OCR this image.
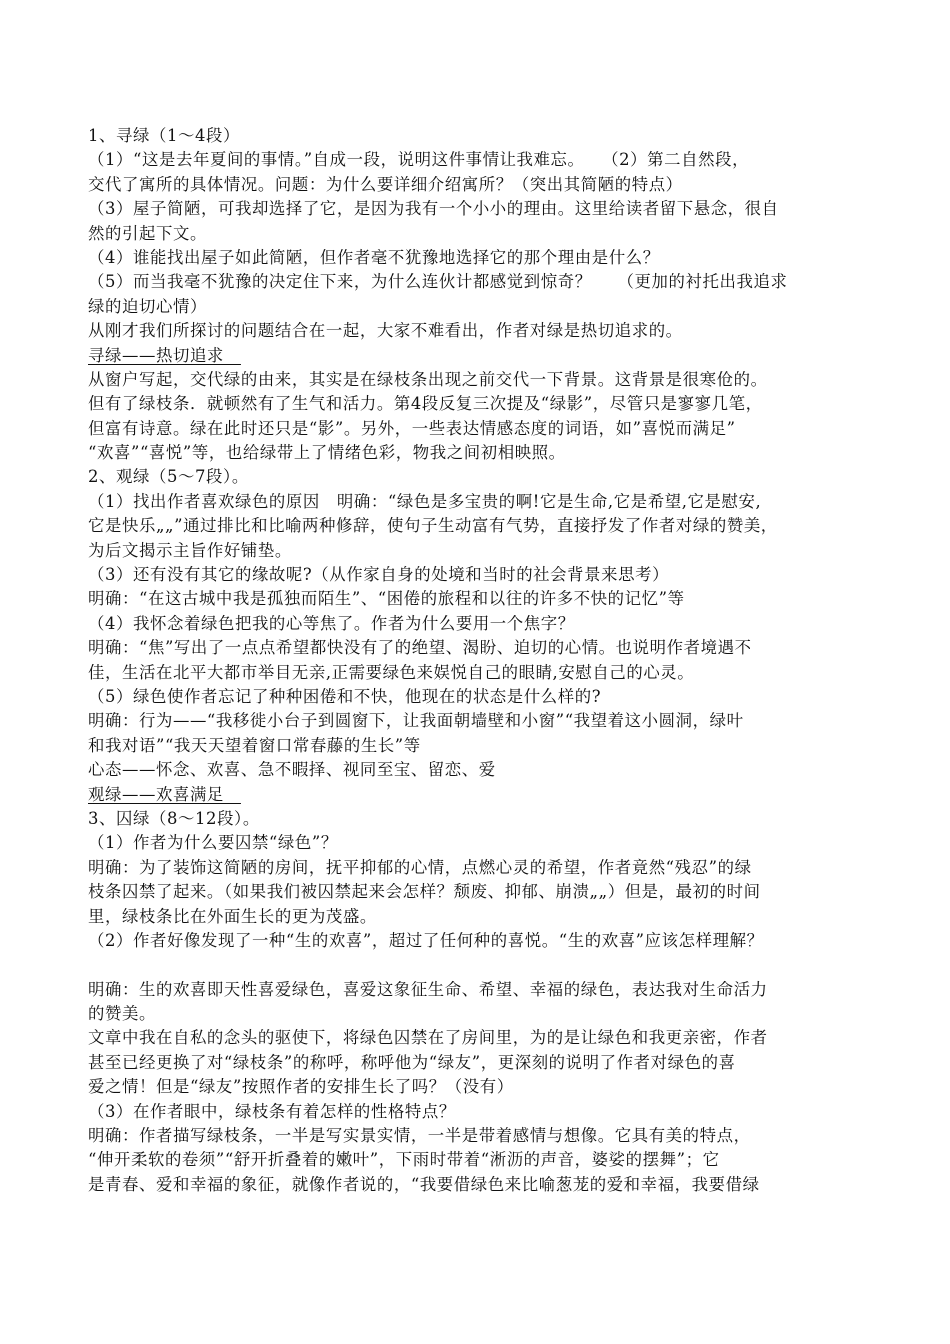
1、寻绿（1～4段）
（1）“这是去年夏间的事情。”自成一段，说明这件事情让我难忘。　　（2）第二自然段，
交代了寓所的具体情况。问题：为什么要详细介绍寓所？（突出其简陋的特点）
（3）屋子简陋，可我却选择了它，是因为我有一个小小的理由。这里给读者留下悬念，很自
然的引起下文。
（4）谁能找出屋子如此简陋，但作者毫不犹豫地选择它的那个理由是什么？
（5）而当我毫不犹豫的决定住下来，为什么连伙计都感觉到惊奇？　　（更加的衬托出我追求
绿的迫切心情）
从刚才我们所探讨的问题结合在一起，大家不难看出，作者对绿是热切追求的。
寻绿——热切追求　
从窗户写起，交代绿的由来，其实是在绿枝条出现之前交代一下背景。这背景是很寒伧的。
但有了绿枝条．就顿然有了生气和活力。第4段反复三次提及“绿影”，尽管只是寥寥几笔，
但富有诗意。绿在此时还只是“影”。另外，一些表达情感态度的词语，如”喜悦而满足”
“欢喜”“喜悦”等，也给绿带上了情绪色彩，物我之间初相映照。
2、观绿（5～7段）。
（1）找出作者喜欢绿色的原因　明确：“绿色是多宝贵的啊!它是生命,它是希望,它是慰安,
它是快乐„„”通过排比和比喻两种修辞，使句子生动富有气势，直接抒发了作者对绿的赞美，
为后文揭示主旨作好铺垫。
（3）还有没有其它的缘故呢?（从作家自身的处境和当时的社会背景来思考）
明确：“在这古城中我是孤独而陌生”、“困倦的旅程和以往的许多不快的记忆”等
（4）我怀念着绿色把我的心等焦了。作者为什么要用一个焦字？
明确：“焦”写出了一点点希望都快没有了的绝望、渴盼、迫切的心情。也说明作者境遇不
佳，生活在北平大都市举目无亲,正需要绿色来娱悦自己的眼睛,安慰自己的心灵。
（5）绿色使作者忘记了种种困倦和不快，他现在的状态是什么样的?
明确：行为——“我移徙小台子到圆窗下，让我面朝墙壁和小窗”“我望着这小圆洞，绿叶
和我对语”“我天天望着窗口常春藤的生长”等
心态——怀念、欢喜、急不暇择、视同至宝、留恋、爱
观绿——欢喜满足　
3、囚绿（8～12段）。
（1）作者为什么要囚禁“绿色”？
明确：为了装饰这简陋的房间，抚平抑郁的心情，点燃心灵的希望，作者竟然“残忍”的绿
枝条囚禁了起来。（如果我们被囚禁起来会怎样？颓废、抑郁、崩溃„„）但是，最初的时间
里，绿枝条比在外面生长的更为茂盛。
（2）作者好像发现了一种“生的欢喜”，超过了任何种的喜悦。“生的欢喜”应该怎样理解？
明确：生的欢喜即天性喜爱绿色，喜爱这象征生命、希望、幸福的绿色，表达我对生命活力
的赞美。
文章中我在自私的念头的驱使下，将绿色囚禁在了房间里，为的是让绿色和我更亲密，作者
甚至已经更换了对“绿枝条”的称呼，称呼他为“绿友”，更深刻的说明了作者对绿色的喜
爱之情！但是“绿友”按照作者的安排生长了吗？（没有）
（3）在作者眼中，绿枝条有着怎样的性格特点？
明确：作者描写绿枝条，一半是写实景实情，一半是带着感情与想像。它具有美的特点，
“伸开柔软的卷须”“舒开折叠着的嫩叶”，下雨时带着“淅沥的声音，婆娑的摆舞”；它
是青春、爱和幸福的象征，就像作者说的，“我要借绿色来比喻葱茏的爱和幸福，我要借绿
